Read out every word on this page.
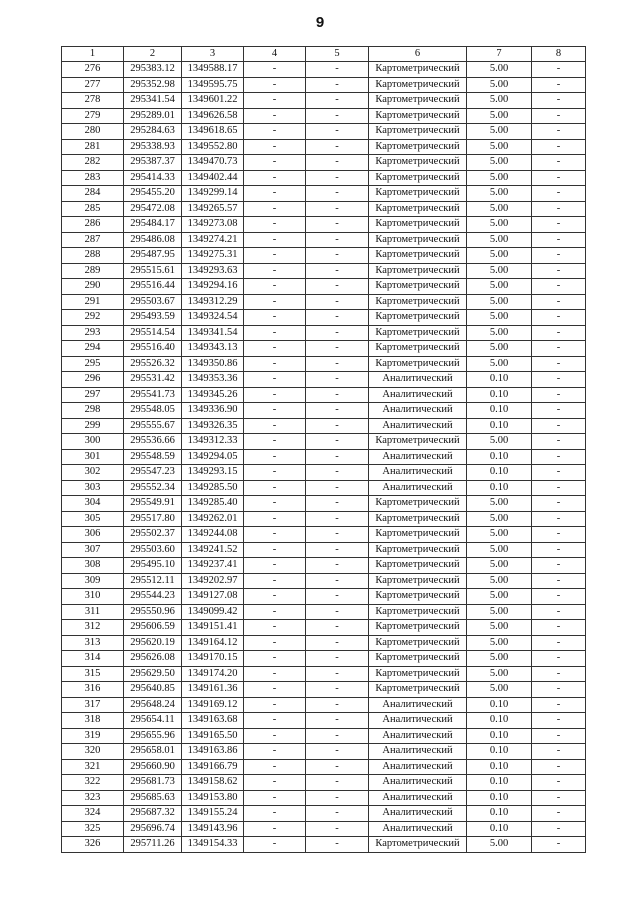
9
1	2	3	4	5	6	7	8
276	295383.12	1349588.17	-	-	Картометрический	5.00	-
277	295352.98	1349595.75	-	-	Картометрический	5.00	-
278	295341.54	1349601.22	-	-	Картометрический	5.00	-
279	295289.01	1349626.58	-	-	Картометрический	5.00	-
280	295284.63	1349618.65	-	-	Картометрический	5.00	-
281	295338.93	1349552.80	-	-	Картометрический	5.00	-
282	295387.37	1349470.73	-	-	Картометрический	5.00	-
283	295414.33	1349402.44	-	-	Картометрический	5.00	-
284	295455.20	1349299.14	-	-	Картометрический	5.00	-
285	295472.08	1349265.57	-	-	Картометрический	5.00	-
286	295484.17	1349273.08	-	-	Картометрический	5.00	-
287	295486.08	1349274.21	-	-	Картометрический	5.00	-
288	295487.95	1349275.31	-	-	Картометрический	5.00	-
289	295515.61	1349293.63	-	-	Картометрический	5.00	-
290	295516.44	1349294.16	-	-	Картометрический	5.00	-
291	295503.67	1349312.29	-	-	Картометрический	5.00	-
292	295493.59	1349324.54	-	-	Картометрический	5.00	-
293	295514.54	1349341.54	-	-	Картометрический	5.00	-
294	295516.40	1349343.13	-	-	Картометрический	5.00	-
295	295526.32	1349350.86	-	-	Картометрический	5.00	-
296	295531.42	1349353.36	-	-	Аналитический	0.10	-
297	295541.73	1349345.26	-	-	Аналитический	0.10	-
298	295548.05	1349336.90	-	-	Аналитический	0.10	-
299	295555.67	1349326.35	-	-	Аналитический	0.10	-
300	295536.66	1349312.33	-	-	Картометрический	5.00	-
301	295548.59	1349294.05	-	-	Аналитический	0.10	-
302	295547.23	1349293.15	-	-	Аналитический	0.10	-
303	295552.34	1349285.50	-	-	Аналитический	0.10	-
304	295549.91	1349285.40	-	-	Картометрический	5.00	-
305	295517.80	1349262.01	-	-	Картометрический	5.00	-
306	295502.37	1349244.08	-	-	Картометрический	5.00	-
307	295503.60	1349241.52	-	-	Картометрический	5.00	-
308	295495.10	1349237.41	-	-	Картометрический	5.00	-
309	295512.11	1349202.97	-	-	Картометрический	5.00	-
310	295544.23	1349127.08	-	-	Картометрический	5.00	-
311	295550.96	1349099.42	-	-	Картометрический	5.00	-
312	295606.59	1349151.41	-	-	Картометрический	5.00	-
313	295620.19	1349164.12	-	-	Картометрический	5.00	-
314	295626.08	1349170.15	-	-	Картометрический	5.00	-
315	295629.50	1349174.20	-	-	Картометрический	5.00	-
316	295640.85	1349161.36	-	-	Картометрический	5.00	-
317	295648.24	1349169.12	-	-	Аналитический	0.10	-
318	295654.11	1349163.68	-	-	Аналитический	0.10	-
319	295655.96	1349165.50	-	-	Аналитический	0.10	-
320	295658.01	1349163.86	-	-	Аналитический	0.10	-
321	295660.90	1349166.79	-	-	Аналитический	0.10	-
322	295681.73	1349158.62	-	-	Аналитический	0.10	-
323	295685.63	1349153.80	-	-	Аналитический	0.10	-
324	295687.32	1349155.24	-	-	Аналитический	0.10	-
325	295696.74	1349143.96	-	-	Аналитический	0.10	-
326	295711.26	1349154.33	-	-	Картометрический	5.00	-
